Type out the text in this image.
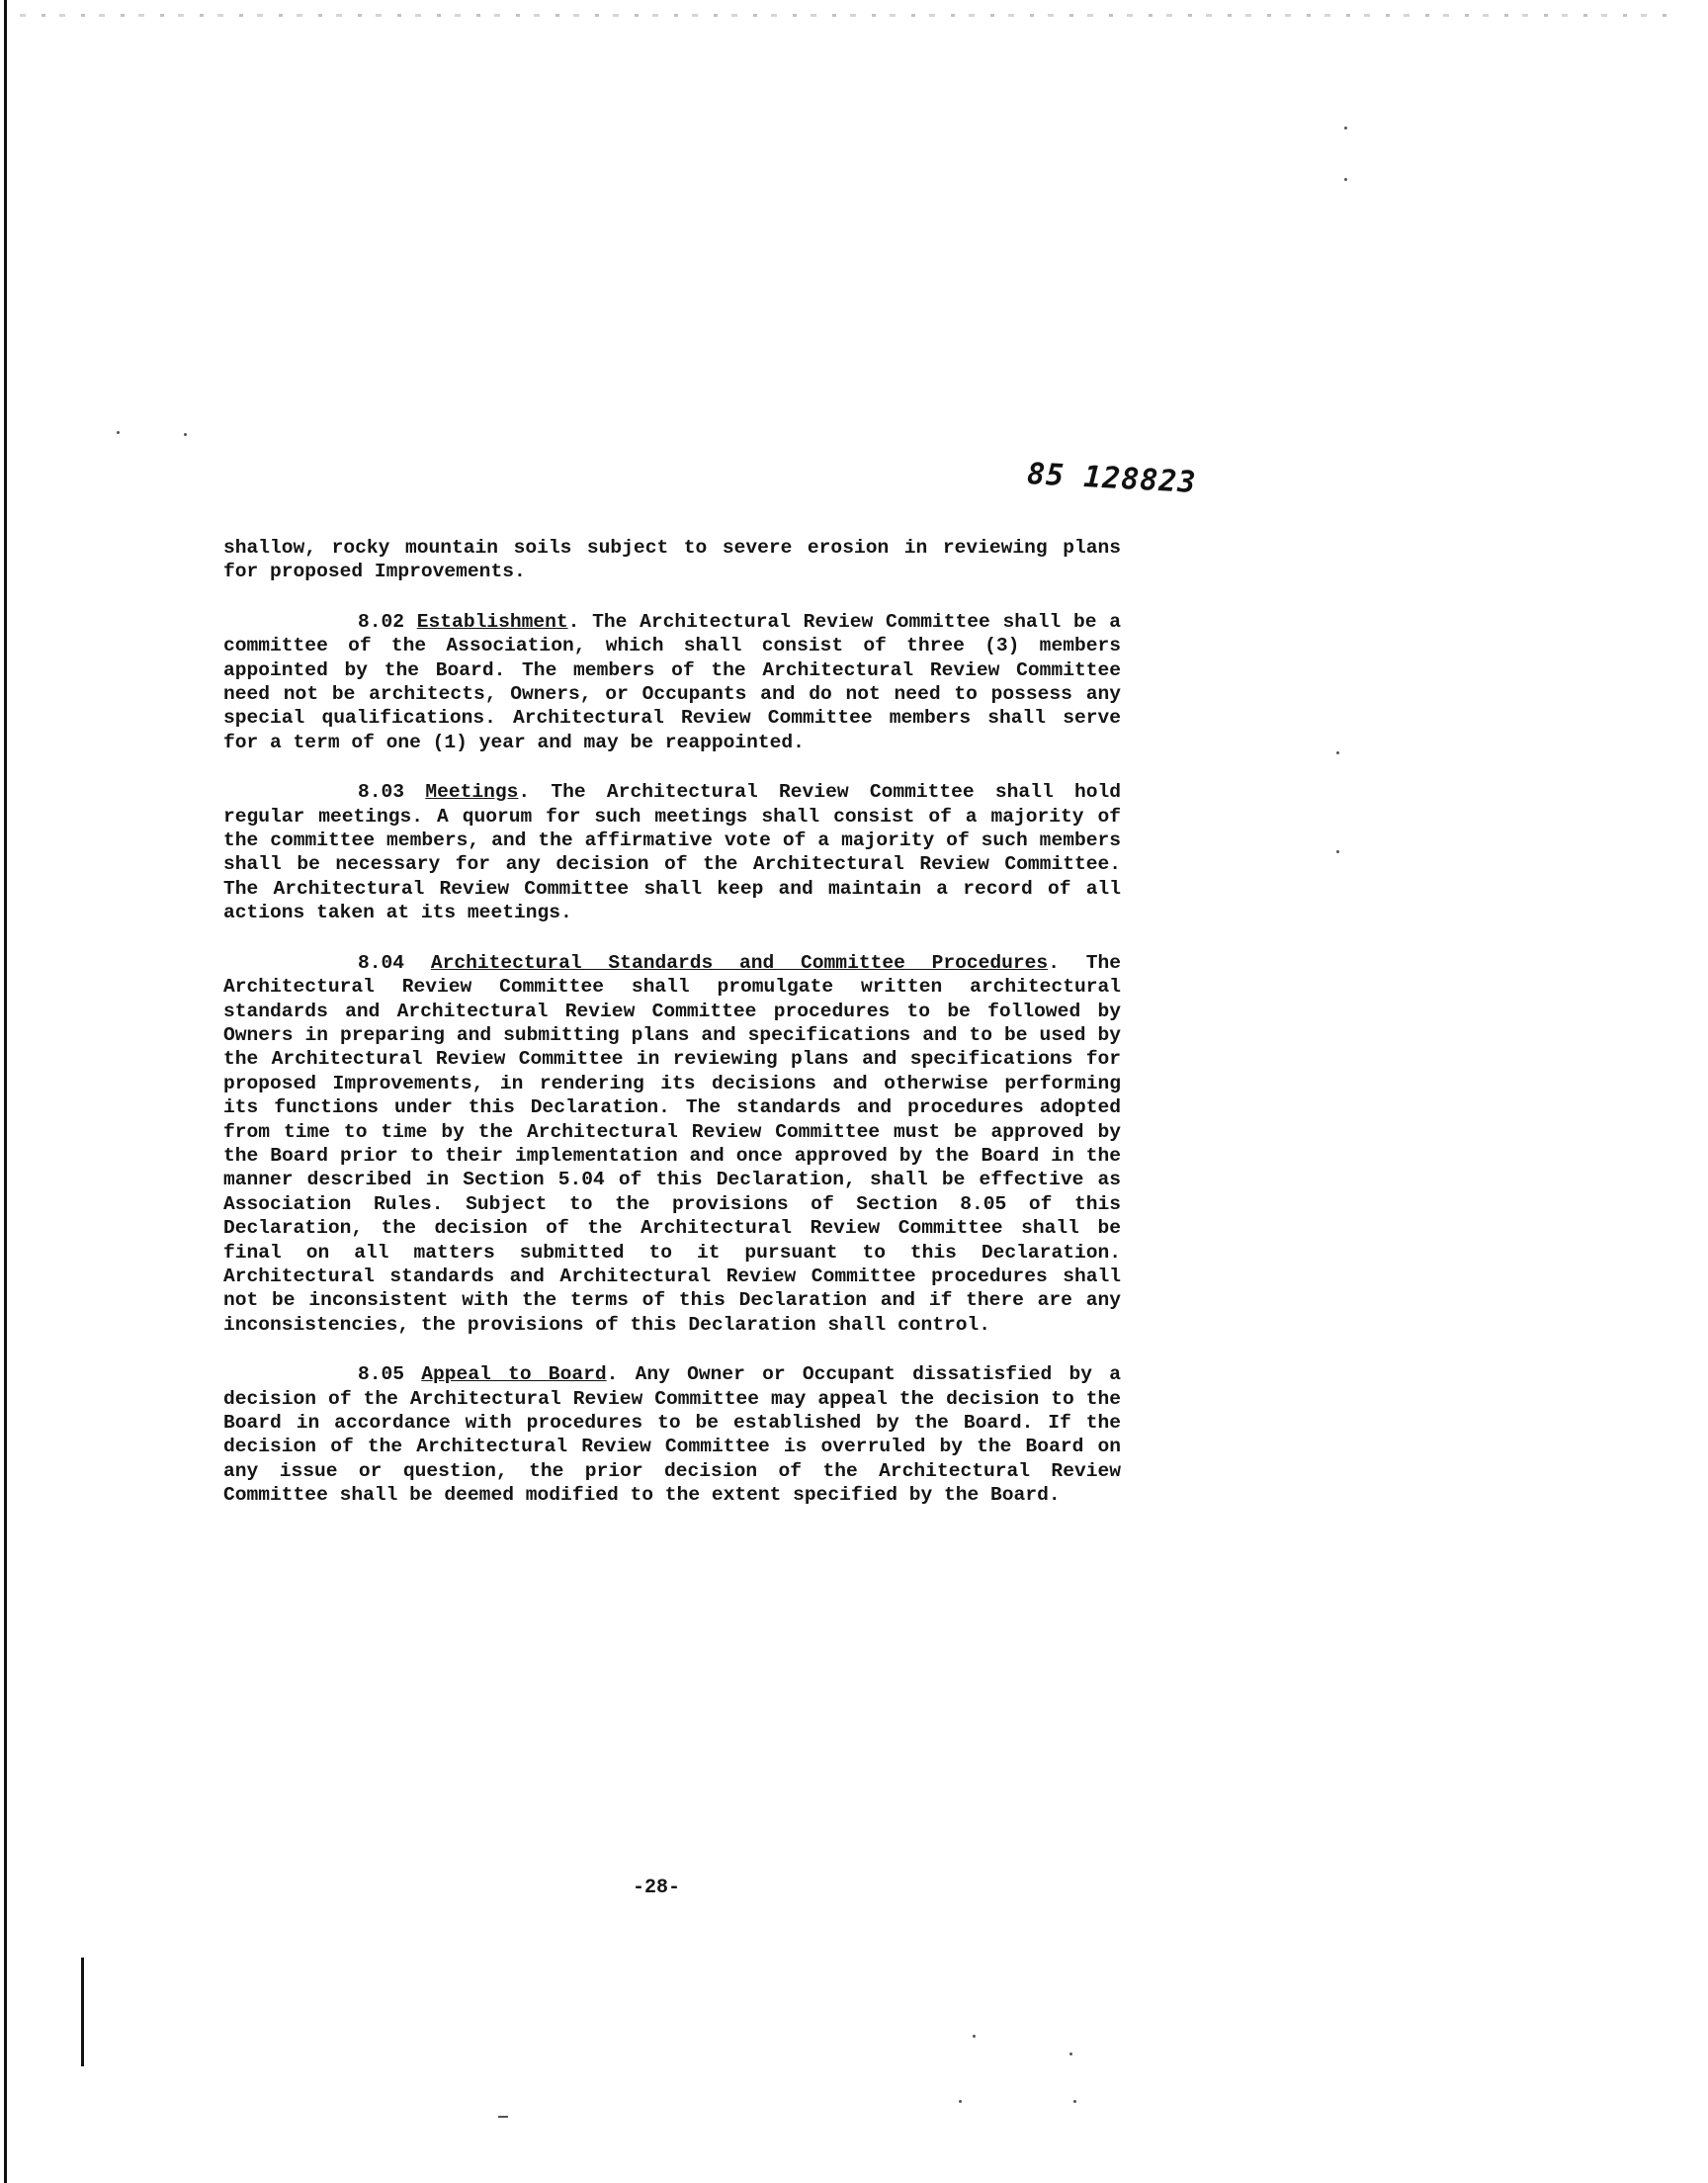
85 128823

shallow, rocky mountain soils subject to severe erosion in reviewing plans for proposed Improvements.

8.02 Establishment. The Architectural Review Committee shall be a committee of the Association, which shall consist of three (3) members appointed by the Board. The members of the Architectural Review Committee need not be architects, Owners, or Occupants and do not need to possess any special qualifications. Architectural Review Committee members shall serve for a term of one (1) year and may be reappointed.

8.03 Meetings. The Architectural Review Committee shall hold regular meetings. A quorum for such meetings shall consist of a majority of the committee members, and the affirmative vote of a majority of such members shall be necessary for any decision of the Architectural Review Committee. The Architectural Review Committee shall keep and maintain a record of all actions taken at its meetings.

8.04 Architectural Standards and Committee Procedures. The Architectural Review Committee shall promulgate written architectural standards and Architectural Review Committee procedures to be followed by Owners in preparing and submitting plans and specifications and to be used by the Architectural Review Committee in reviewing plans and specifications for proposed Improvements, in rendering its decisions and otherwise performing its functions under this Declaration. The standards and procedures adopted from time to time by the Architectural Review Committee must be approved by the Board prior to their implementation and once approved by the Board in the manner described in Section 5.04 of this Declaration, shall be effective as Association Rules. Subject to the provisions of Section 8.05 of this Declaration, the decision of the Architectural Review Committee shall be final on all matters submitted to it pursuant to this Declaration. Architectural standards and Architectural Review Committee procedures shall not be inconsistent with the terms of this Declaration and if there are any inconsistencies, the provisions of this Declaration shall control.

8.05 Appeal to Board. Any Owner or Occupant dissatisfied by a decision of the Architectural Review Committee may appeal the decision to the Board in accordance with procedures to be established by the Board. If the decision of the Architectural Review Committee is overruled by the Board on any issue or question, the prior decision of the Architectural Review Committee shall be deemed modified to the extent specified by the Board.

-28-
